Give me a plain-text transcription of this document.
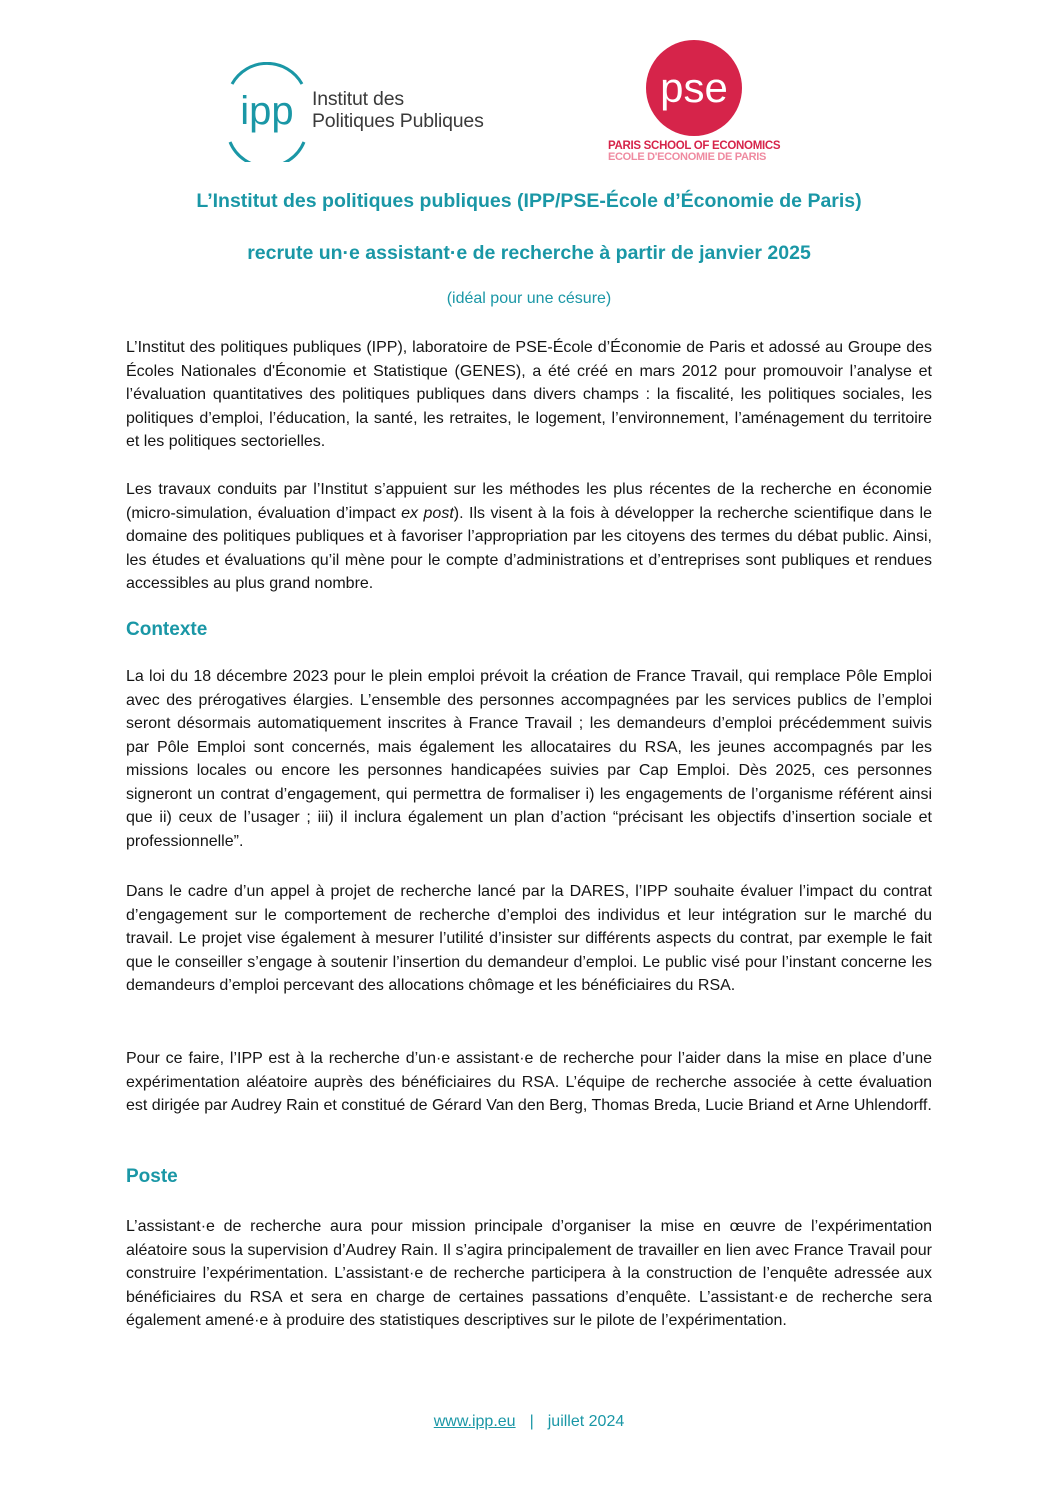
ipp Institut des
Politiques Publiques
pse
PARIS SCHOOL OF ECONOMICS
ECOLE D'ECONOMIE DE PARIS
L’Institut des politiques publiques (IPP/PSE-École d’Économie de Paris)
recrute un·e assistant·e de recherche à partir de janvier 2025
(idéal pour une césure)

L’Institut des politiques publiques (IPP), laboratoire de PSE-École d’Économie de Paris et adossé au Groupe des Écoles Nationales d'Économie et Statistique (GENES), a été créé en mars 2012 pour promouvoir l’analyse et l’évaluation quantitatives des politiques publiques dans divers champs : la fiscalité, les politiques sociales, les politiques d’emploi, l’éducation, la santé, les retraites, le logement, l’environnement, l’aménagement du territoire et les politiques sectorielles.

Les travaux conduits par l’Institut s’appuient sur les méthodes les plus récentes de la recherche en économie (micro-simulation, évaluation d’impact ex post). Ils visent à la fois à développer la recherche scientifique dans le domaine des politiques publiques et à favoriser l’appropriation par les citoyens des termes du débat public. Ainsi, les études et évaluations qu’il mène pour le compte d’administrations et d’entreprises sont publiques et rendues accessibles au plus grand nombre.

Contexte

La loi du 18 décembre 2023 pour le plein emploi prévoit la création de France Travail, qui remplace Pôle Emploi avec des prérogatives élargies. L’ensemble des personnes accompagnées par les services publics de l’emploi seront désormais automatiquement inscrites à France Travail ; les demandeurs d’emploi précédemment suivis par Pôle Emploi sont concernés, mais également les allocataires du RSA, les jeunes accompagnés par les missions locales ou encore les personnes handicapées suivies par Cap Emploi. Dès 2025, ces personnes signeront un contrat d’engagement, qui permettra de formaliser i) les engagements de l’organisme référent ainsi que ii) ceux de l’usager ; iii) il inclura également un plan d’action “précisant les objectifs d’insertion sociale et professionnelle”.

Dans le cadre d’un appel à projet de recherche lancé par la DARES, l’IPP souhaite évaluer l’impact du contrat d’engagement sur le comportement de recherche d’emploi des individus et leur intégration sur le marché du travail. Le projet vise également à mesurer l’utilité d’insister sur différents aspects du contrat, par exemple le fait que le conseiller s’engage à soutenir l’insertion du demandeur d’emploi. Le public visé pour l’instant concerne les demandeurs d’emploi percevant des allocations chômage et les bénéficiaires du RSA.

Pour ce faire, l’IPP est à la recherche d’un·e assistant·e de recherche pour l’aider dans la mise en place d’une expérimentation aléatoire auprès des bénéficiaires du RSA. L’équipe de recherche associée à cette évaluation est dirigée par Audrey Rain et constitué de Gérard Van den Berg, Thomas Breda, Lucie Briand et Arne Uhlendorff.

Poste

L’assistant·e de recherche aura pour mission principale d’organiser la mise en œuvre de l’expérimentation aléatoire sous la supervision d’Audrey Rain. Il s’agira principalement de travailler en lien avec France Travail pour construire l’expérimentation. L’assistant·e de recherche participera à la construction de l’enquête adressée aux bénéficiaires du RSA et sera en charge de certaines passations d’enquête. L’assistant·e de recherche sera également amené·e à produire des statistiques descriptives sur le pilote de l’expérimentation.

www.ipp.eu | juillet 2024
